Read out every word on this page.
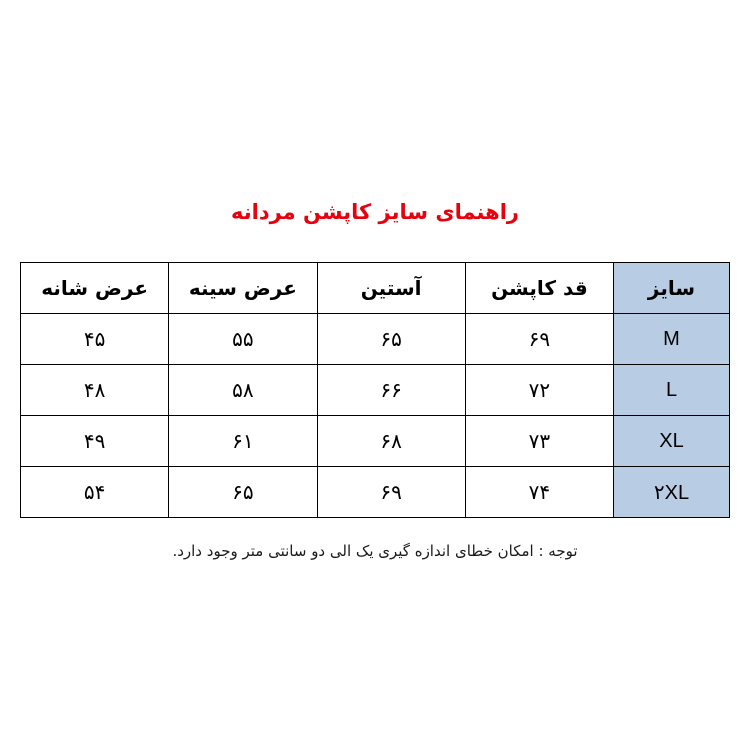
راهنمای سایز کاپشن مردانه
سایز	قد کاپشن	آستین	عرض سینه	عرض شانه
M	۶۹	۶۵	۵۵	۴۵
L	۷۲	۶۶	۵۸	۴۸
XL	۷۳	۶۸	۶۱	۴۹
۲XL	۷۴	۶۹	۶۵	۵۴
توجه : امکان خطای اندازه گیری یک الی دو سانتی متر وجود دارد.
